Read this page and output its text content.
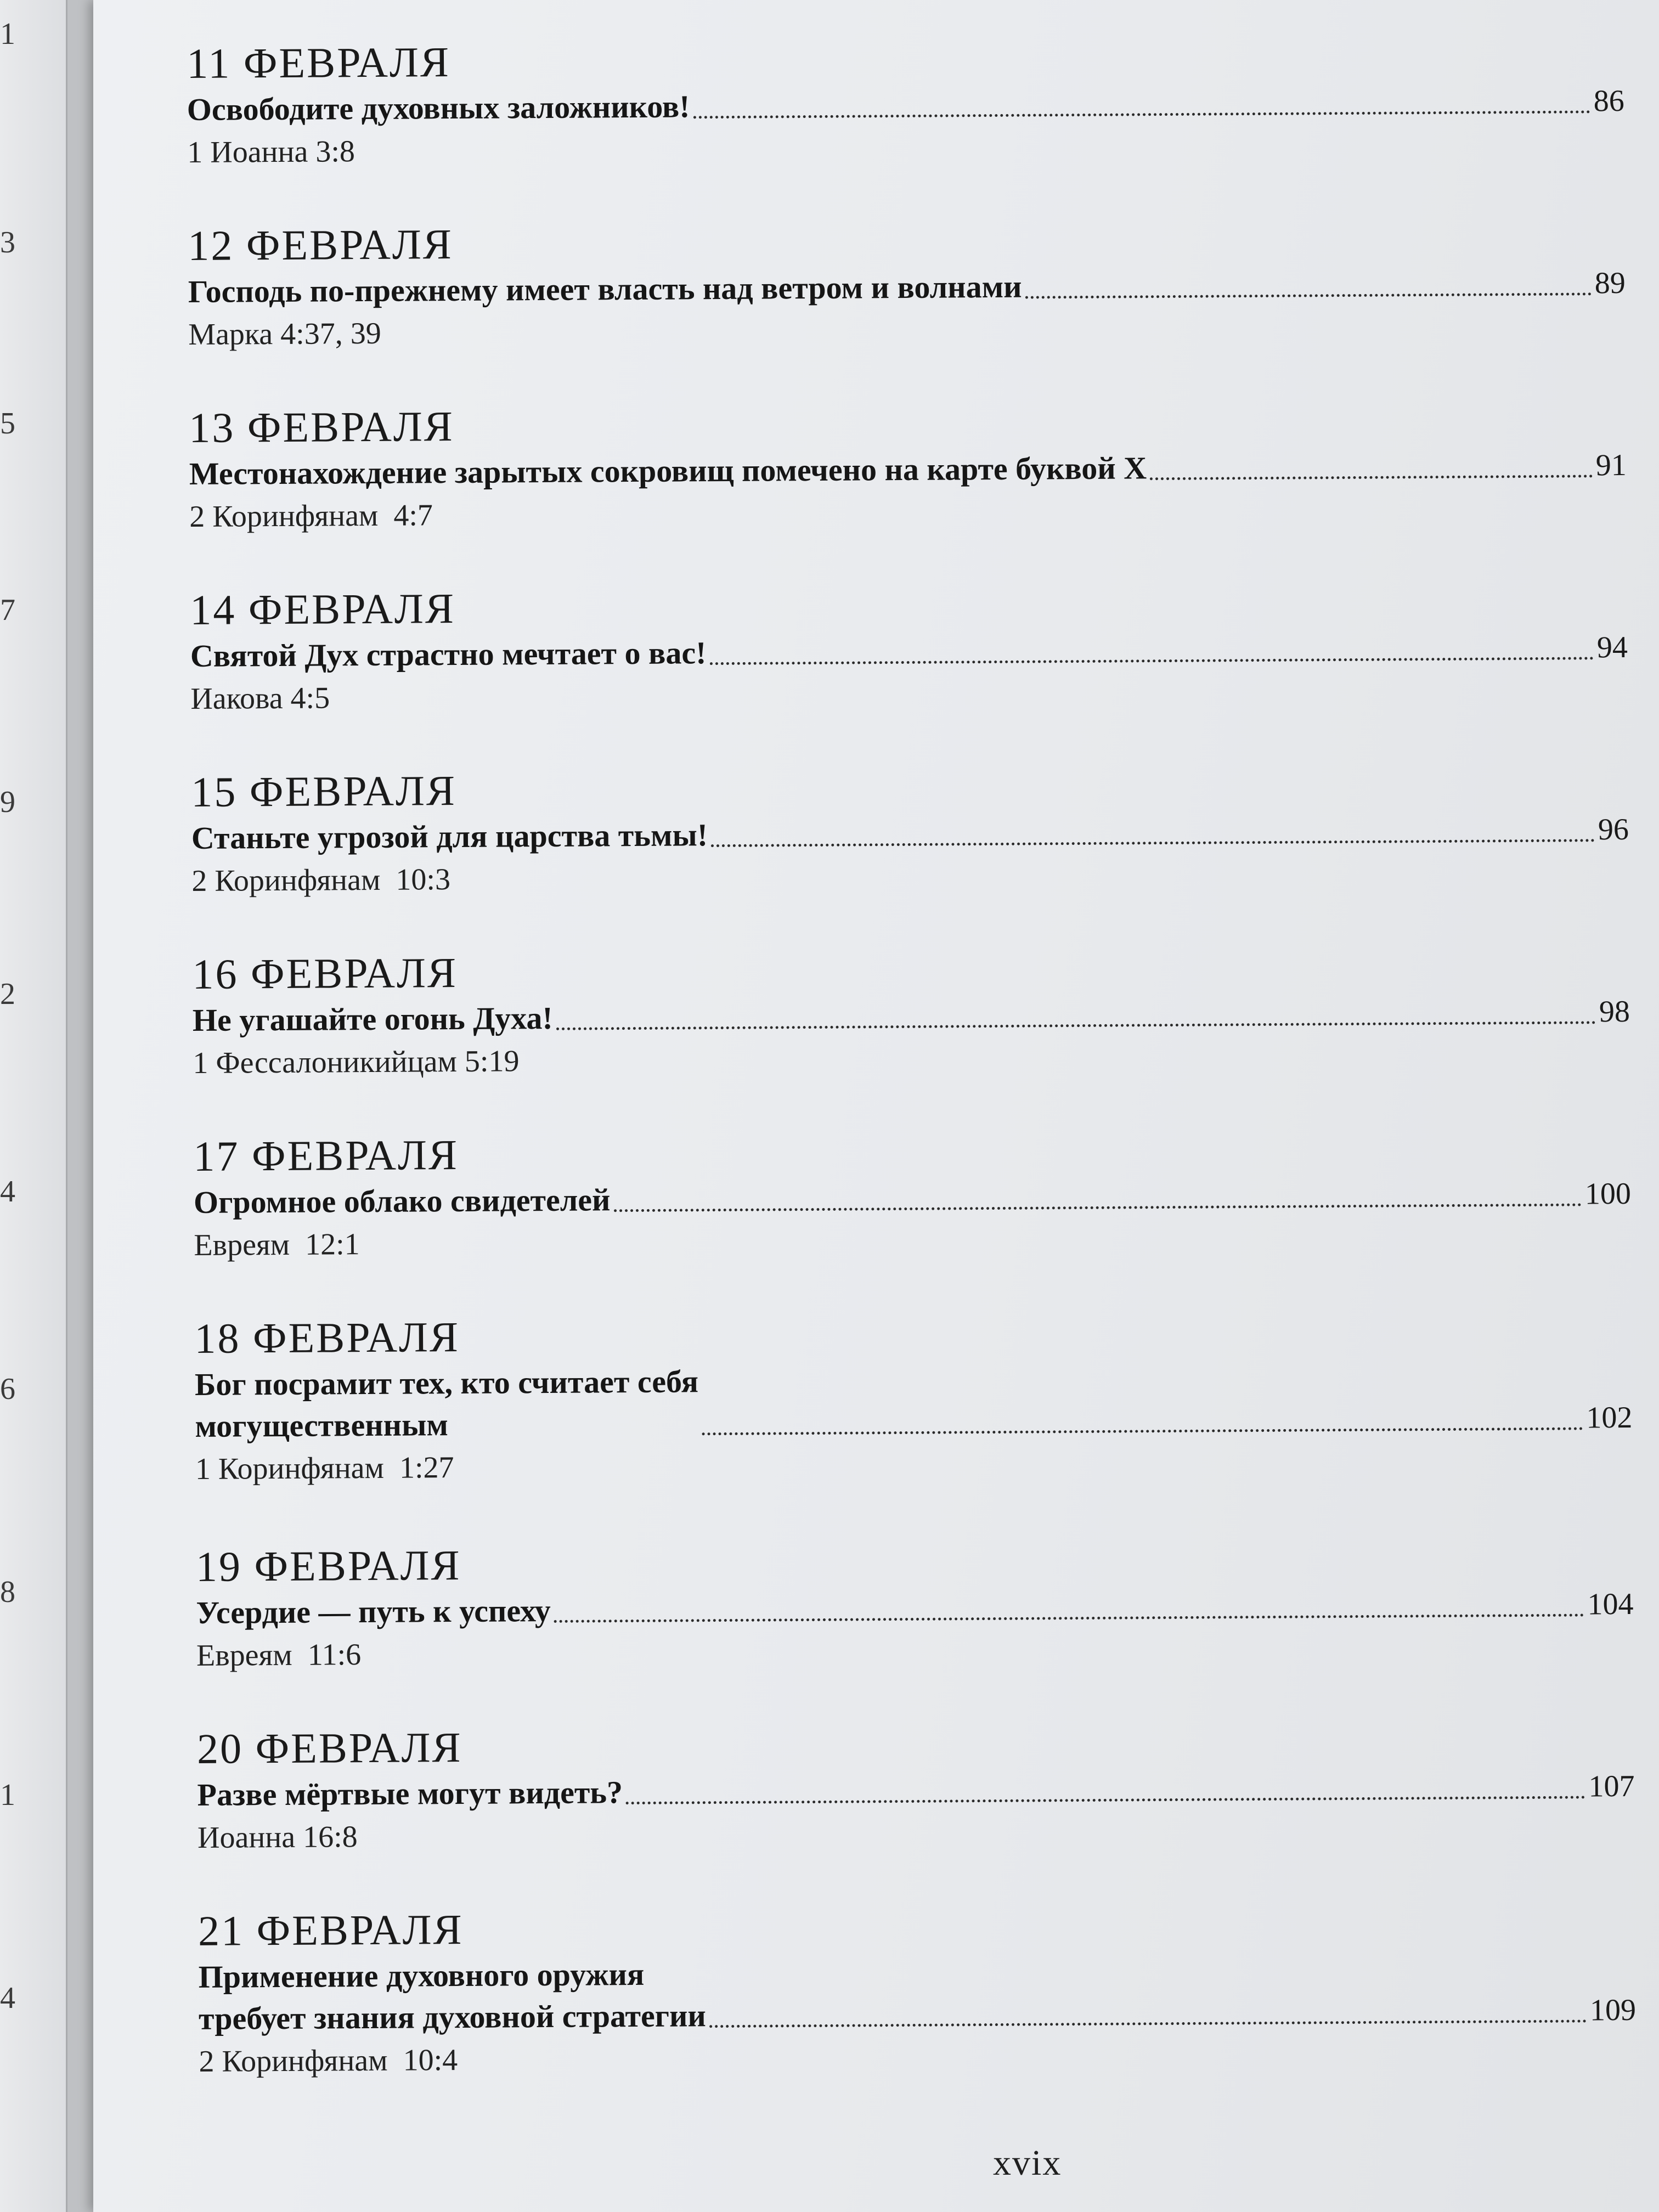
1
3
5
7
9
2
4
6
8
1
4
11 ФЕВРАЛЯ
Освободите духовных заложников!	86
1 Иоанна 3:8
12 ФЕВРАЛЯ
Господь по-прежнему имеет власть над ветром и волнами	89
Марка 4:37, 39
13 ФЕВРАЛЯ
Местонахождение зарытых сокровищ помечено на карте буквой X	91
2 Коринфянам  4:7
14 ФЕВРАЛЯ
Святой Дух страстно мечтает о вас!	94
Иакова 4:5
15 ФЕВРАЛЯ
Станьте угрозой для царства тьмы!	96
2 Коринфянам  10:3
16 ФЕВРАЛЯ
Не угашайте огонь Духа!	98
1 Фессалоникийцам 5:19
17 ФЕВРАЛЯ
Огромное облако свидетелей	100
Евреям  12:1
18 ФЕВРАЛЯ
Бог посрамит тех, кто считает себя
могущественным	102
1 Коринфянам  1:27
19 ФЕВРАЛЯ
Усердие — путь к успеху	104
Евреям  11:6
20 ФЕВРАЛЯ
Разве мёртвые могут видеть?	107
Иоанна 16:8
21 ФЕВРАЛЯ
Применение духовного оружия
требует знания духовной стратегии	109
2 Коринфянам  10:4
xvix
